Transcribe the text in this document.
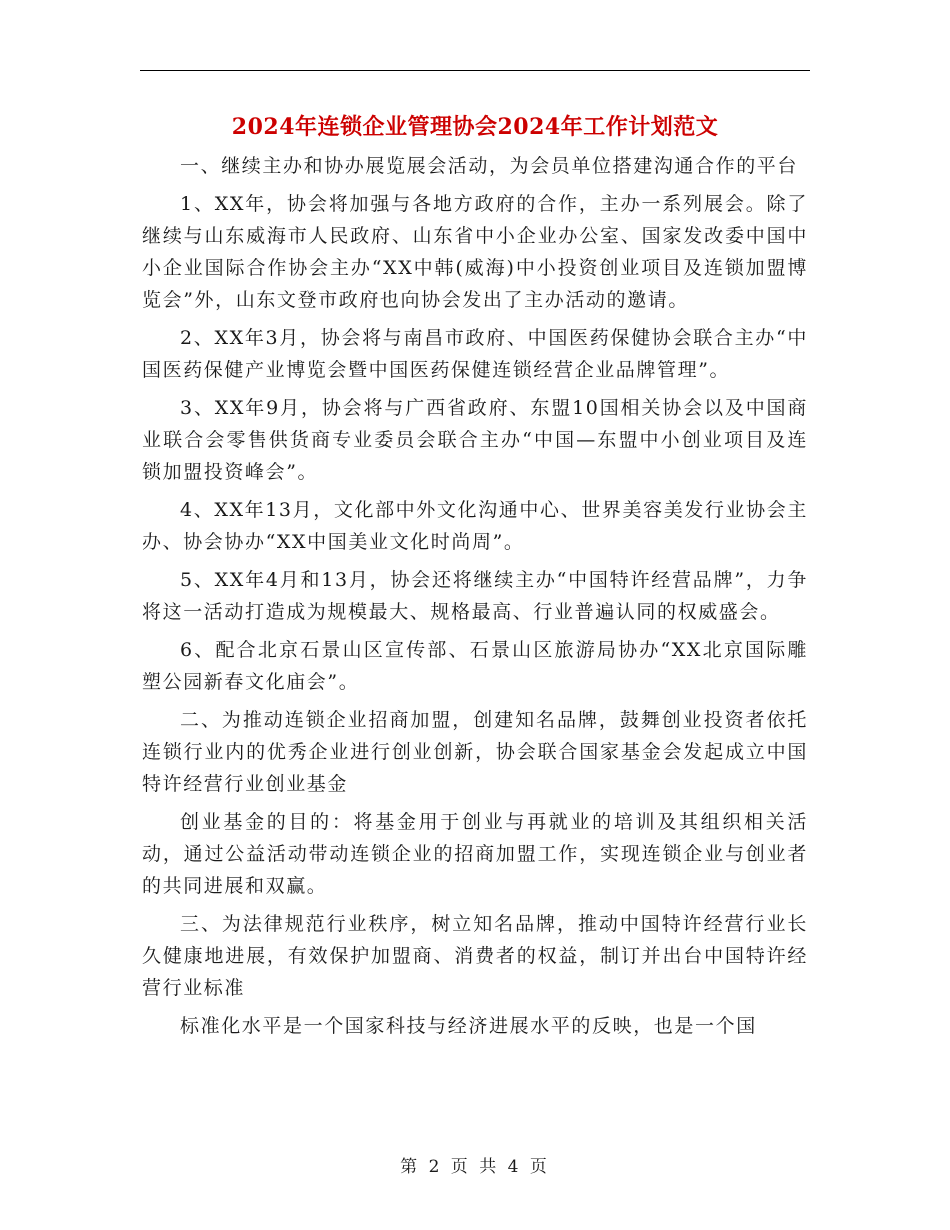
2024年连锁企业管理协会2024年工作计划范文

一、继续主办和协办展览展会活动，为会员单位搭建沟通合作的平台

1、XX年，协会将加强与各地方政府的合作，主办一系列展会。除了继续与山东威海市人民政府、山东省中小企业办公室、国家发改委中国中小企业国际合作协会主办“XX中韩(威海)中小投资创业项目及连锁加盟博览会”外，山东文登市政府也向协会发出了主办活动的邀请。

2、XX年3月，协会将与南昌市政府、中国医药保健协会联合主办“中国医药保健产业博览会暨中国医药保健连锁经营企业品牌管理”。

3、XX年9月，协会将与广西省政府、东盟10国相关协会以及中国商业联合会零售供货商专业委员会联合主办“中国—东盟中小创业项目及连锁加盟投资峰会”。

4、XX年13月，文化部中外文化沟通中心、世界美容美发行业协会主办、协会协办“XX中国美业文化时尚周”。

5、XX年4月和13月，协会还将继续主办“中国特许经营品牌”，力争将这一活动打造成为规模最大、规格最高、行业普遍认同的权威盛会。

6、配合北京石景山区宣传部、石景山区旅游局协办“XX北京国际雕塑公园新春文化庙会”。

二、为推动连锁企业招商加盟，创建知名品牌，鼓舞创业投资者依托连锁行业内的优秀企业进行创业创新，协会联合国家基金会发起成立中国特许经营行业创业基金

创业基金的目的：将基金用于创业与再就业的培训及其组织相关活动，通过公益活动带动连锁企业的招商加盟工作，实现连锁企业与创业者的共同进展和双赢。

三、为法律规范行业秩序，树立知名品牌，推动中国特许经营行业长久健康地进展，有效保护加盟商、消费者的权益，制订并出台中国特许经营行业标准

标准化水平是一个国家科技与经济进展水平的反映，也是一个国

第 2 页 共 4 页
